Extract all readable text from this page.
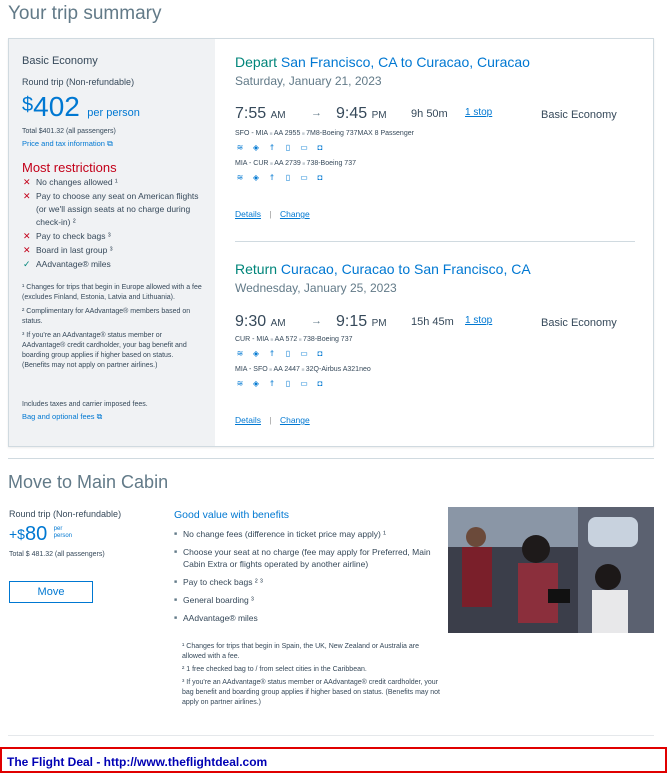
Your trip summary
Basic Economy
Round trip (Non-refundable)
$402 per person
Total $401.32 (all passengers)
Price and tax information ⧉
Most restrictions
✕ No changes allowed ¹
✕ Pay to choose any seat on American flights (or we'll assign seats at no charge during check-in) ²
✕ Pay to check bags ³
✕ Board in last group ³
✓ AAdvantage® miles
¹ Changes for trips that begin in Europe allowed with a fee (excludes Finland, Estonia, Latvia and Lithuania).
² Complimentary for AAdvantage® members based on status.
³ If you're an AAdvantage® status member or AAdvantage® credit cardholder, your bag benefit and boarding group applies if higher based on status. (Benefits may not apply on partner airlines.)
Includes taxes and carrier imposed fees.
Bag and optional fees ⧉
Depart San Francisco, CA to Curacao, Curacao
Saturday, January 21, 2023
7:55 AM → 9:45 PM 9h 50m 1 stop	Basic Economy
SFO - MIA ■ AA 2955 ■ 7M8-Boeing 737MAX 8 Passenger
≋ ◈	ϯ	▯	▭	◘
MIA - CUR ■ AA 2739 ■ 738-Boeing 737
≋ ◈	ϯ	▯	▭	◘
Details | Change
Return Curacao, Curacao to San Francisco, CA
Wednesday, January 25, 2023
9:30 AM → 9:15 PM 15h 45m 1 stop	Basic Economy
CUR - MIA ■ AA 572 ■ 738-Boeing 737
≋ ◈	ϯ	▯	▭	◘
MIA - SFO ■ AA 2447 ■ 32Q-Airbus A321neo
≋ ◈	ϯ	▯	▭	◘
Details | Change
Move to Main Cabin
Round trip (Non-refundable)
+$80 per
person
Total $ 481.32 (all passengers)
Move
Good value with benefits
■ No change fees (difference in ticket price may apply) ¹
■ Choose your seat at no charge (fee may apply for Preferred, Main Cabin Extra or flights operated by another airline)
■ Pay to check bags ² ³
■ General boarding ³
■ AAdvantage® miles
¹ Changes for trips that begin in Spain, the UK, New Zealand or Australia are allowed with a fee.
² 1 free checked bag to / from select cities in the Caribbean.
³ If you're an AAdvantage® status member or AAdvantage® credit cardholder, your bag benefit and boarding group applies if higher based on status. (Benefits may not apply on partner airlines.)
The Flight Deal - http://www.theflightdeal.com
